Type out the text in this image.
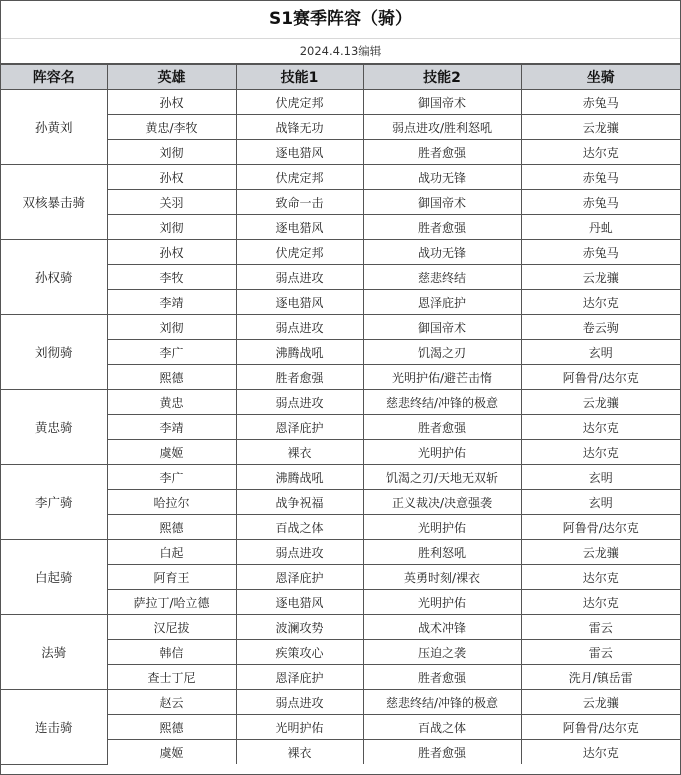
S1赛季阵容（骑）
2024.4.13编辑
阵容名	英雄	技能1	技能2	坐骑
孙黄刘	孙权	伏虎定邦	御国帝术	赤兔马
	黄忠/李牧	战锋无功	弱点进攻/胜利怒吼	云龙骧
	刘彻	逐电猎风	胜者愈强	达尔克
双核暴击骑	孙权	伏虎定邦	战功无锋	赤兔马
	关羽	致命一击	御国帝术	赤兔马
	刘彻	逐电猎风	胜者愈强	丹虬
孙权骑	孙权	伏虎定邦	战功无锋	赤兔马
	李牧	弱点进攻	慈悲终结	云龙骧
	李靖	逐电猎风	恩泽庇护	达尔克
刘彻骑	刘彻	弱点进攻	御国帝术	卷云驹
	李广	沸腾战吼	饥渴之刃	玄明
	熙德	胜者愈强	光明护佑/避芒击惰	阿鲁骨/达尔克
黄忠骑	黄忠	弱点进攻	慈悲终结/冲锋的极意	云龙骧
	李靖	恩泽庇护	胜者愈强	达尔克
	虞姬	裸衣	光明护佑	达尔克
李广骑	李广	沸腾战吼	饥渴之刃/天地无双斩	玄明
	哈拉尔	战争祝福	正义裁决/决意强袭	玄明
	熙德	百战之体	光明护佑	阿鲁骨/达尔克
白起骑	白起	弱点进攻	胜利怒吼	云龙骧
	阿育王	恩泽庇护	英勇时刻/裸衣	达尔克
	萨拉丁/哈立德	逐电猎风	光明护佑	达尔克
法骑	汉尼拔	波澜攻势	战术冲锋	雷云
	韩信	疾策攻心	压迫之袭	雷云
	查士丁尼	恩泽庇护	胜者愈强	洗月/镇岳雷
连击骑	赵云	弱点进攻	慈悲终结/冲锋的极意	云龙骧
	熙德	光明护佑	百战之体	阿鲁骨/达尔克
	虞姬	裸衣	胜者愈强	达尔克
